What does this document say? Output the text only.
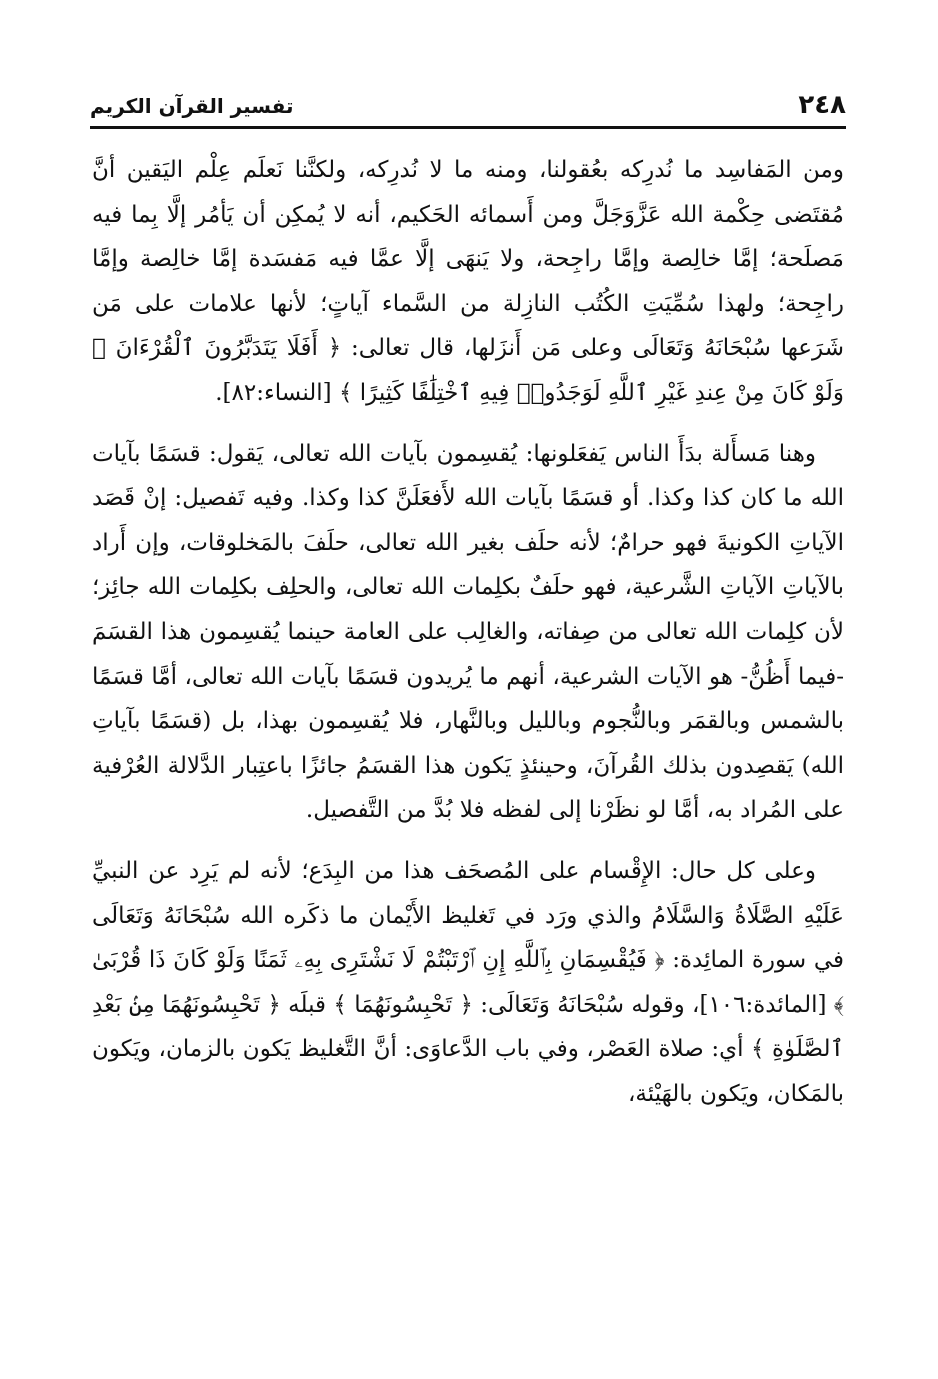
٢٤٨
تفسير القرآن الكريم

ومن المَفاسِد ما نُدرِكه بعُقولنا، ومنه ما لا نُدرِكه، ولكنَّنا نَعلَم عِلْم اليَقين أنَّ مُقتَضى حِكْمة الله عَزَّوَجَلَّ ومن أَسمائه الحَكيم، أنه لا يُمكِن أن يَأمُر إلَّا بِما فيه مَصلَحة؛ إمَّا خالِصة وإمَّا راجِحة، ولا يَنهَى إلَّا عمَّا فيه مَفسَدة إمَّا خالِصة وإمَّا راجِحة؛ ولهذا سُمِّيَتِ الكُتُب النازِلة من السَّماء آياتٍ؛ لأنها علامات على مَن شَرَعها سُبْحَانَهُ وَتَعَالَى وعلى مَن أَنزَلها، قال تعالى: ﴿ أَفَلَا يَتَدَبَّرُونَ ٱلْقُرْءَانَ ۚ وَلَوْ كَانَ مِنْ عِندِ غَيْرِ ٱللَّهِ لَوَجَدُوا۟ فِيهِ ٱخْتِلَٰفًا كَثِيرًا ﴾ [النساء:٨٢].

وهنا مَسأَلة بدَأَ الناس يَفعَلونها: يُقسِمون بآيات الله تعالى، يَقول: قسَمًا بآيات الله ما كان كذا وكذا. أو قسَمًا بآيات الله لأَفعَلَنَّ كذا وكذا. وفيه تَفصيل: إنْ قَصَد الآياتِ الكونيةَ فهو حرامٌ؛ لأنه حلَف بغير الله تعالى، حلَفَ بالمَخلوقات، وإن أَراد بالآياتِ الآياتِ الشَّرعية، فهو حلَفٌ بكلِمات الله تعالى، والحلِف بكلِمات الله جائِز؛ لأن كلِمات الله تعالى من صِفاته، والغالِب على العامة حينما يُقسِمون هذا القسَمَ -فيما أَظُنُّ- هو الآيات الشرعية، أنهم ما يُريدون قسَمًا بآيات الله تعالى، أمَّا قسَمًا بالشمس وبالقمَر وبالنُّجوم وبالليل وبالنَّهار، فلا يُقسِمون بهذا، بل (قسَمًا بآياتِ الله) يَقصِدون بذلك القُرآنَ، وحينئذٍ يَكون هذا القسَمُ جائزًا باعتِبار الدَّلالة العُرْفية على المُراد به، أمَّا لو نظَرْنا إلى لفظه فلا بُدَّ من التَّفصيل.

وعلى كل حال: الإِقْسام على المُصحَف هذا من البِدَع؛ لأنه لم يَرِد عن النبيِّ عَلَيْهِ الصَّلَاةُ وَالسَّلَامُ والذي ورَد في تَغليظ الأَيْمان ما ذكَره الله سُبْحَانَهُ وَتَعَالَى في سورة المائِدة: ﴿ فَيُقْسِمَانِ بِٱللَّهِ إِنِ ٱرْتَبْتُمْ لَا نَشْتَرِى بِهِۦ ثَمَنًا وَلَوْ كَانَ ذَا قُرْبَىٰ ﴾ [المائدة:١٠٦]، وقوله سُبْحَانَهُ وَتَعَالَى: ﴿ تَحْبِسُونَهُمَا ﴾ قبلَه ﴿ تَحْبِسُونَهُمَا مِنۢ بَعْدِ ٱلصَّلَوٰةِ ﴾ أي: صلاة العَصْر، وفي باب الدَّعاوَى: أنَّ التَّغليظ يَكون بالزمان، ويَكون بالمَكان، ويَكون بالهَيْئة،
